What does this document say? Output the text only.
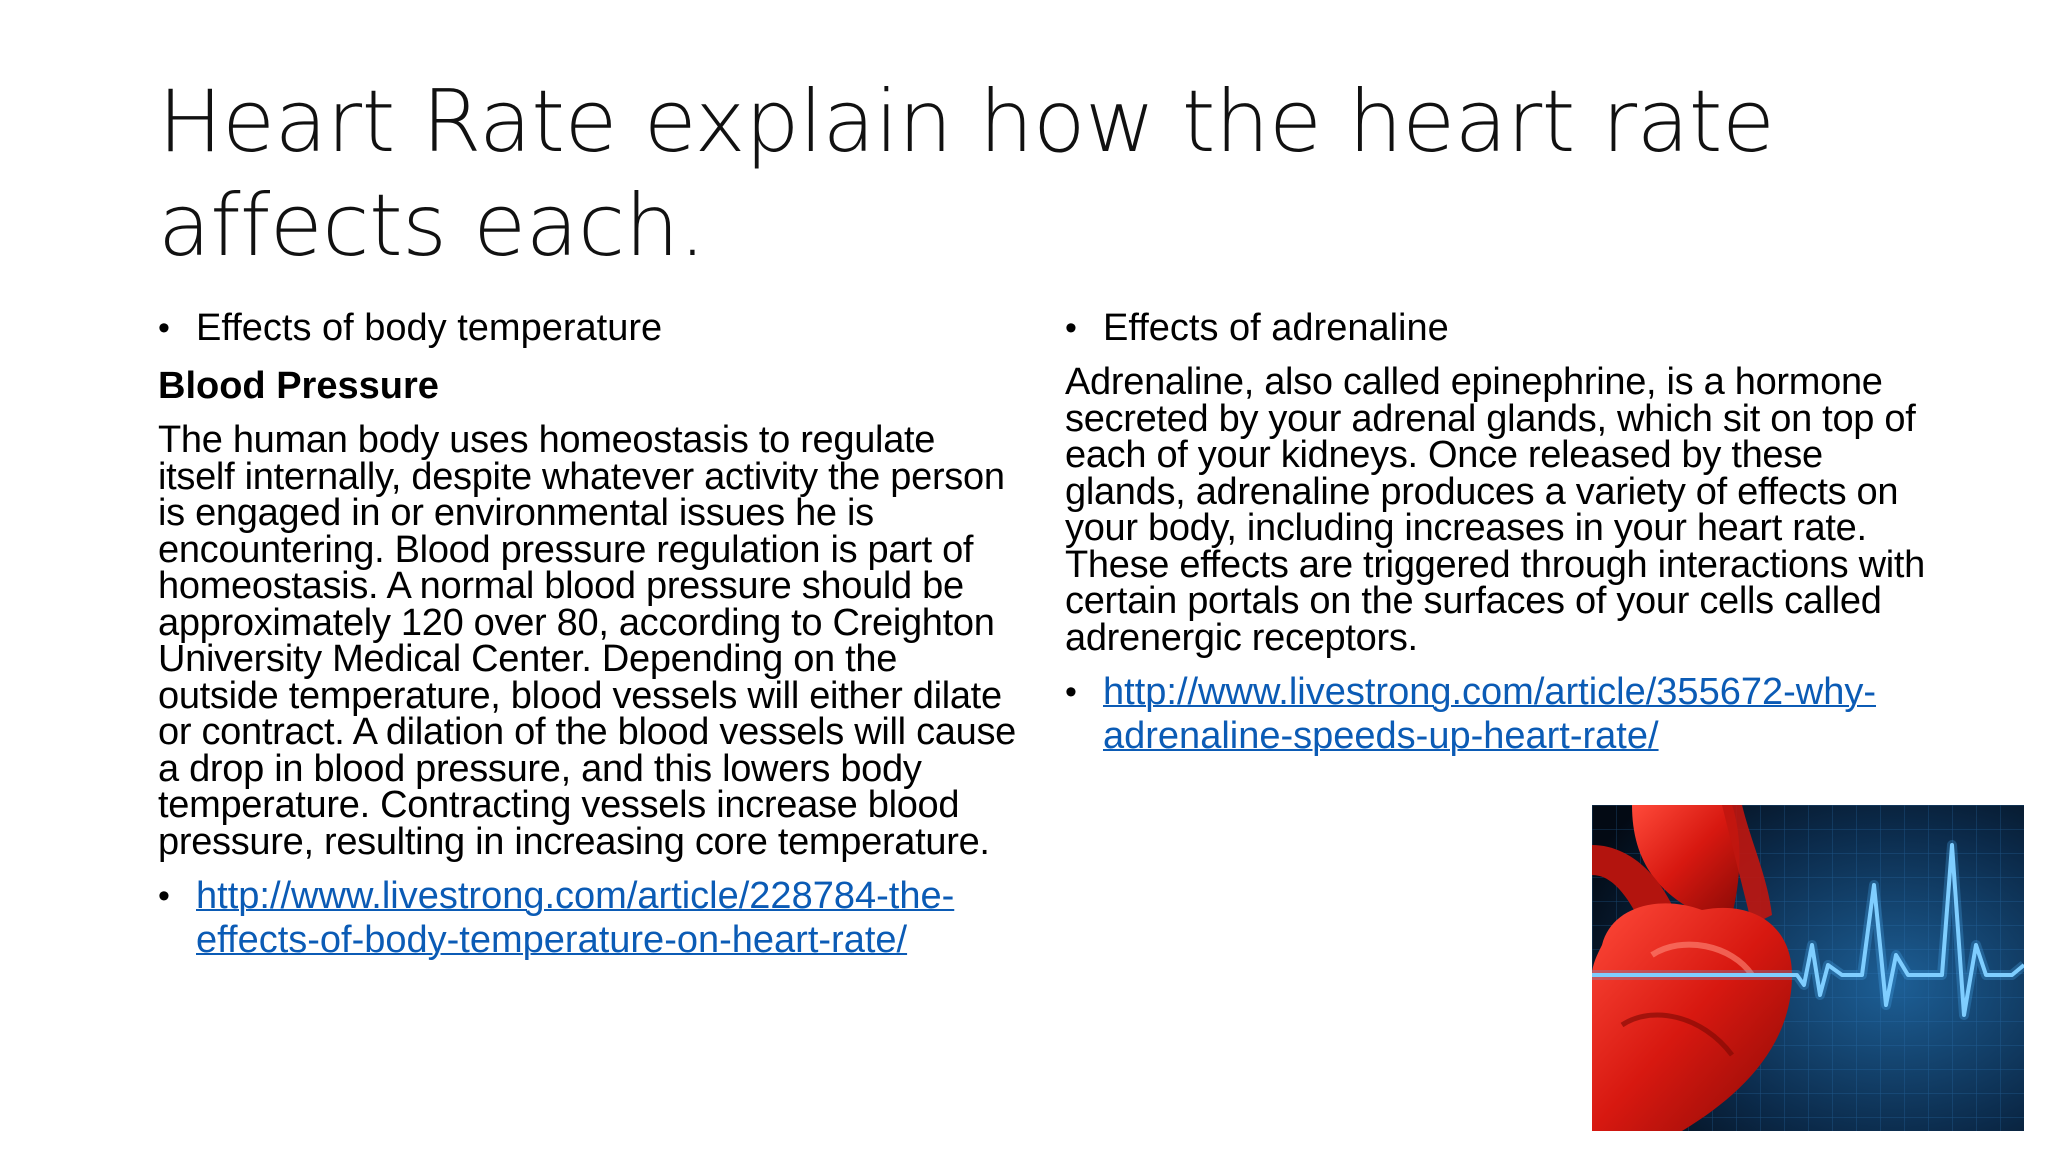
Heart Rate explain how the heart rate affects each.
• Effects of body temperature
Blood Pressure
The human body uses homeostasis to regulate itself internally, despite whatever activity the person is engaged in or environmental issues he is encountering. Blood pressure regulation is part of homeostasis. A normal blood pressure should be approximately 120 over 80, according to Creighton University Medical Center. Depending on the outside temperature, blood vessels will either dilate or contract. A dilation of the blood vessels will cause a drop in blood pressure, and this lowers body temperature. Contracting vessels increase blood pressure, resulting in increasing core temperature.
• http://www.livestrong.com/article/228784-the-effects-of-body-temperature-on-heart-rate/
• Effects of adrenaline
Adrenaline, also called epinephrine, is a hormone secreted by your adrenal glands, which sit on top of each of your kidneys. Once released by these glands, adrenaline produces a variety of effects on your body, including increases in your heart rate. These effects are triggered through interactions with certain portals on the surfaces of your cells called adrenergic receptors.
• http://www.livestrong.com/article/355672-why-adrenaline-speeds-up-heart-rate/
